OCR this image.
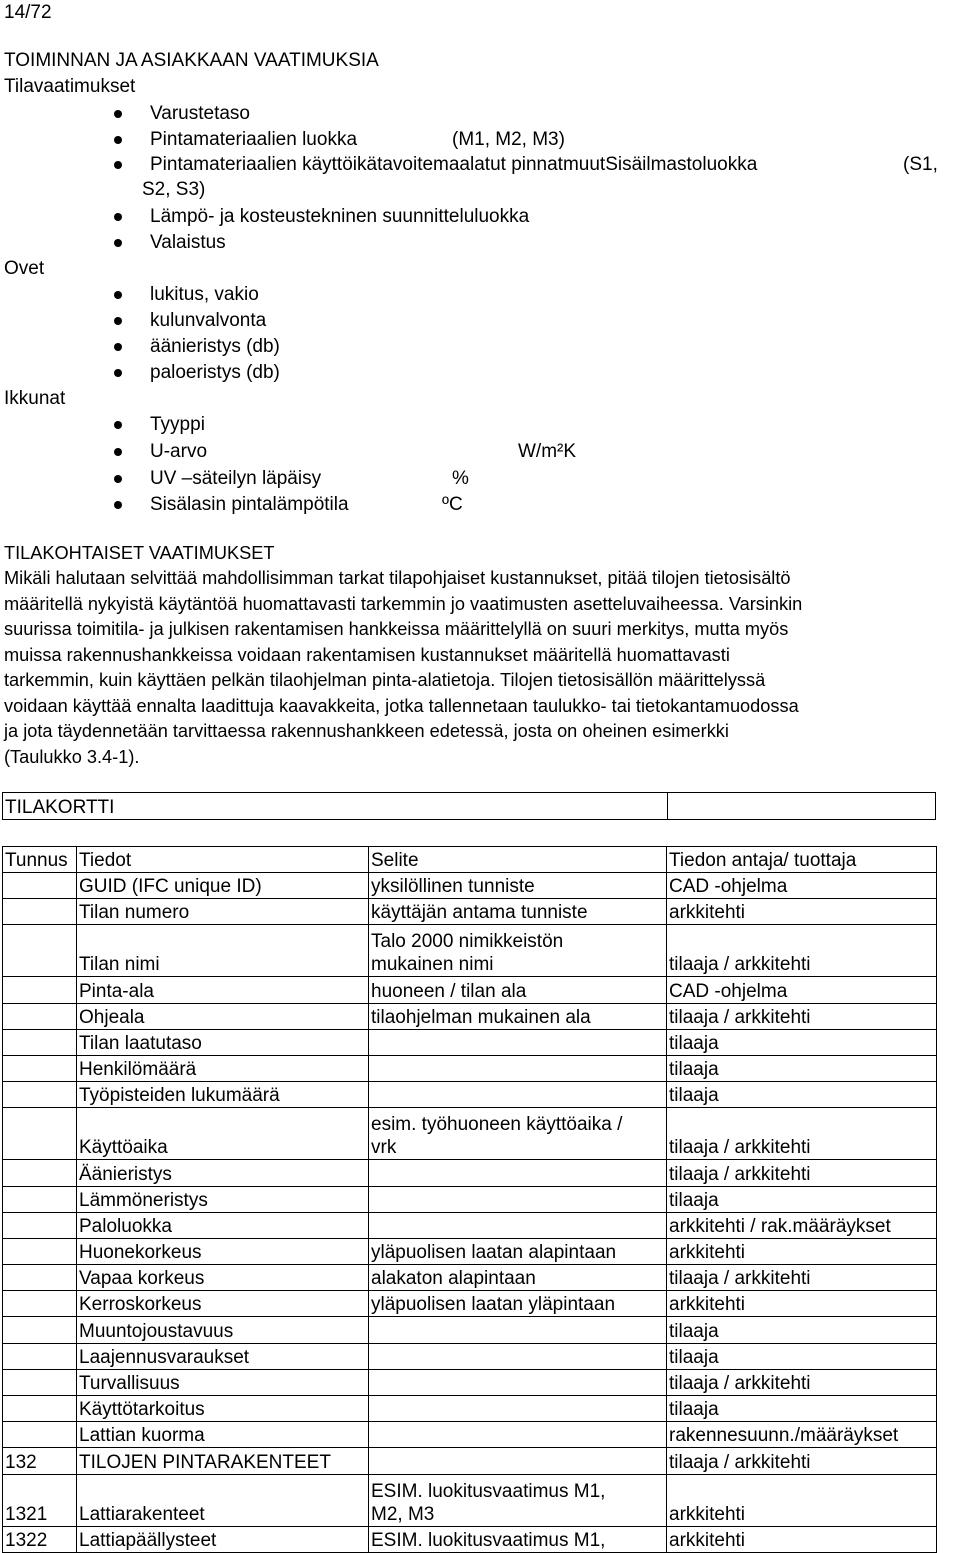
14/72
TOIMINNAN JA ASIAKKAAN VAATIMUKSIA
Tilavaatimukset
Varustetaso
Pintamateriaalien luokka	(M1, M2, M3)
Pintamateriaalien käyttöikätavoitemaalatut pinnatmuutSisäilmastoluokka	(S1,
S2, S3)
Lämpö- ja kosteustekninen suunnitteluluokka
Valaistus
Ovet
lukitus, vakio
kulunvalvonta
äänieristys (db)
paloeristys (db)
Ikkunat
Tyyppi
U-arvo	W/m²K
UV –säteilyn läpäisy	%
Sisälasin pintalämpötila	ºC
TILAKOHTAISET VAATIMUKSET
Mikäli halutaan selvittää mahdollisimman tarkat tilapohjaiset kustannukset, pitää tilojen tietosisältö
määritellä nykyistä käytäntöä huomattavasti tarkemmin jo vaatimusten asetteluvaiheessa. Varsinkin
suurissa toimitila- ja julkisen rakentamisen hankkeissa määrittelyllä on suuri merkitys, mutta myös
muissa rakennushankkeissa voidaan rakentamisen kustannukset määritellä huomattavasti
tarkemmin, kuin käyttäen pelkän tilaohjelman pinta-alatietoja. Tilojen tietosisällön määrittelyssä
voidaan käyttää ennalta laadittuja kaavakkeita, jotka tallennetaan taulukko- tai tietokantamuodossa
ja jota täydennetään tarvittaessa rakennushankkeen edetessä, josta on oheinen esimerkki
(Taulukko 3.4-1).
TILAKORTTI		
Tunnus	Tiedot	Selite	Tiedon antaja/ tuottaja
	GUID (IFC unique ID)	yksilöllinen tunniste	CAD -ohjelma
	Tilan numero	käyttäjän antama tunniste	arkkitehti
	Tilan nimi	Talo 2000 nimikkeistön
mukainen nimi	tilaaja / arkkitehti
	Pinta-ala	huoneen / tilan ala	CAD -ohjelma
	Ohjeala	tilaohjelman mukainen ala	tilaaja / arkkitehti
	Tilan laatutaso		tilaaja
	Henkilömäärä		tilaaja
	Työpisteiden lukumäärä		tilaaja
	Käyttöaika	esim. työhuoneen käyttöaika /
vrk	tilaaja / arkkitehti
	Äänieristys		tilaaja / arkkitehti
	Lämmöneristys		tilaaja
	Paloluokka		arkkitehti / rak.määräykset
	Huonekorkeus	yläpuolisen laatan alapintaan	arkkitehti
	Vapaa korkeus	alakaton alapintaan	tilaaja / arkkitehti
	Kerroskorkeus	yläpuolisen laatan yläpintaan	arkkitehti
	Muuntojoustavuus		tilaaja
	Laajennusvaraukset		tilaaja
	Turvallisuus		tilaaja / arkkitehti
	Käyttötarkoitus		tilaaja
	Lattian kuorma		rakennesuunn./määräykset
132	TILOJEN PINTARAKENTEET		tilaaja / arkkitehti
1321	Lattiarakenteet	ESIM. luokitusvaatimus M1,
M2, M3	arkkitehti
1322	Lattiapäällysteet	ESIM. luokitusvaatimus M1,	arkkitehti
